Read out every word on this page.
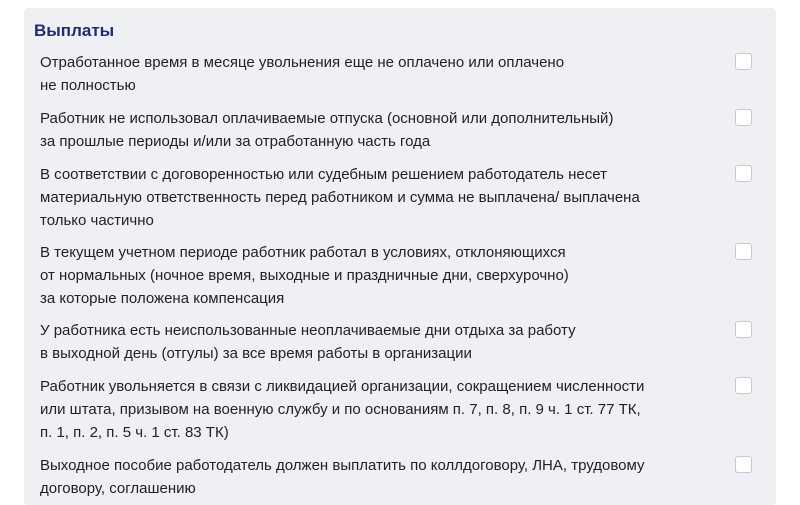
Выплаты
Отработанное время в месяце увольнения еще не оплачено или оплачено
не полностью
Работник не использовал оплачиваемые отпуска (основной или дополнительный)
за прошлые периоды и/или за отработанную часть года
В соответствии с договоренностью или судебным решением работодатель несет
материальную ответственность перед работником и сумма не выплачена/ выплачена
только частично
В текущем учетном периоде работник работал в условиях, отклоняющихся
от нормальных (ночное время, выходные и праздничные дни, сверхурочно)
за которые положена компенсация
У работника есть неиспользованные неоплачиваемые дни отдыха за работу
в выходной день (отгулы) за все время работы в организации
Работник увольняется в связи с ликвидацией организации, сокращением численности
или штата, призывом на военную службу и по основаниям п. 7, п. 8, п. 9 ч. 1 ст. 77 ТК,
п. 1, п. 2, п. 5 ч. 1 ст. 83 ТК)
Выходное пособие работодатель должен выплатить по коллдоговору, ЛНА, трудовому
договору, соглашению
